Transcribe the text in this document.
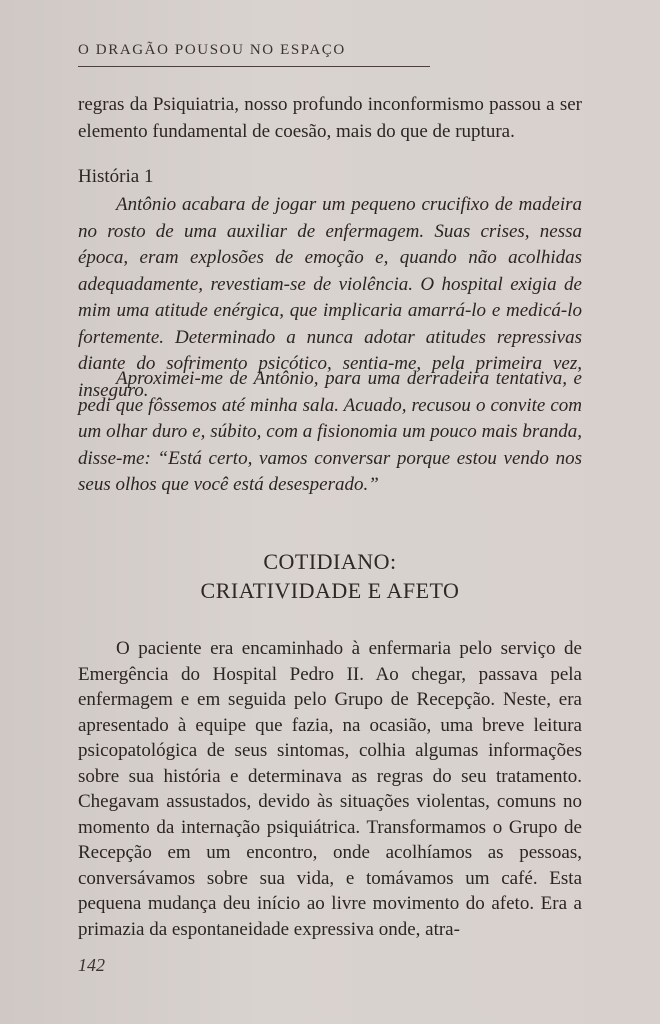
O DRAGÃO POUSOU NO ESPAÇO

regras da Psiquiatria, nosso profundo inconformismo passou a ser elemento fundamental de coesão, mais do que de ruptura.

História 1

Antônio acabara de jogar um pequeno crucifixo de madeira no rosto de uma auxiliar de enfermagem. Suas crises, nessa época, eram explosões de emoção e, quando não acolhidas adequadamente, revestiam-se de violência. O hospital exigia de mim uma atitude enérgica, que implicaria amarrá-lo e medicá-lo fortemente. Determinado a nunca adotar atitudes repressivas diante do sofrimento psicótico, sentia-me, pela primeira vez, inseguro.

Aproximei-me de Antônio, para uma derradeira tentativa, e pedi que fôssemos até minha sala. Acuado, recusou o convite com um olhar duro e, súbito, com a fisionomia um pouco mais branda, disse-me: “Está certo, vamos conversar porque estou vendo nos seus olhos que você está desesperado.”

COTIDIANO:
CRIATIVIDADE E AFETO

O paciente era encaminhado à enfermaria pelo serviço de Emergência do Hospital Pedro II. Ao chegar, passava pela enfermagem e em seguida pelo Grupo de Recepção. Neste, era apresentado à equipe que fazia, na ocasião, uma breve leitura psicopatológica de seus sintomas, colhia algumas informações sobre sua história e determinava as regras do seu tratamento. Chegavam assustados, devido às situações violentas, comuns no momento da internação psiquiátrica. Transformamos o Grupo de Recepção em um encontro, onde acolhíamos as pessoas, conversávamos sobre sua vida, e tomávamos um café. Esta pequena mudança deu início ao livre movimento do afeto. Era a primazia da espontaneidade expressiva onde, atra-

142
